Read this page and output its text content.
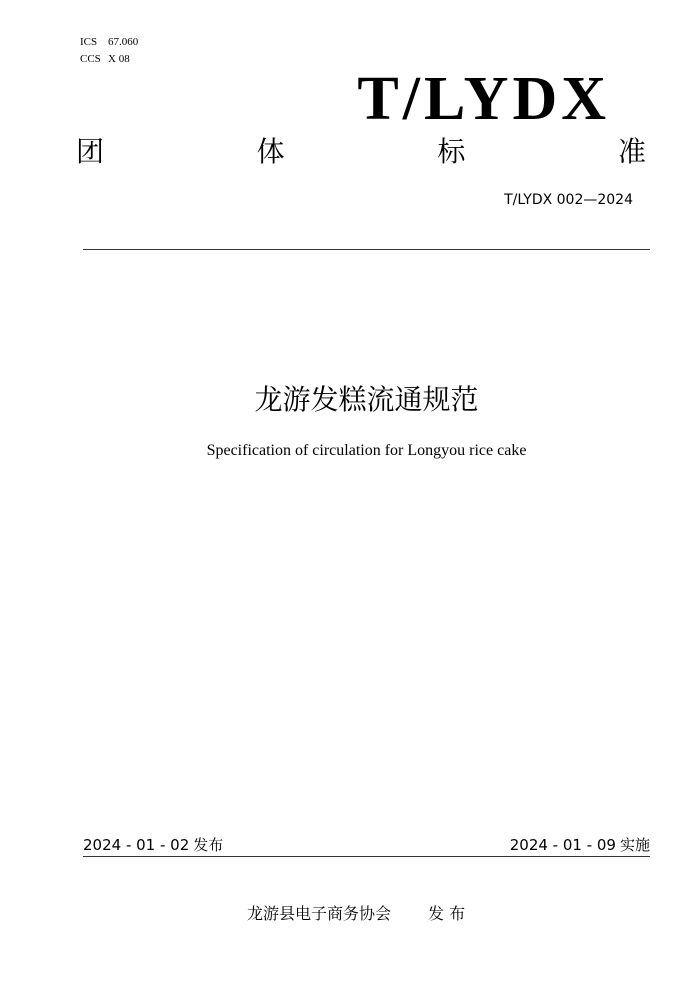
ICS 67.060
CCS X 08
T/LYDX
团	体	标	准
T/LYDX 002—2024
龙游发糕流通规范
Specification of circulation for Longyou rice cake
2024 - 01 - 02 发布	2024 - 01 - 09 实施
龙游县电子商务协会 发 布
